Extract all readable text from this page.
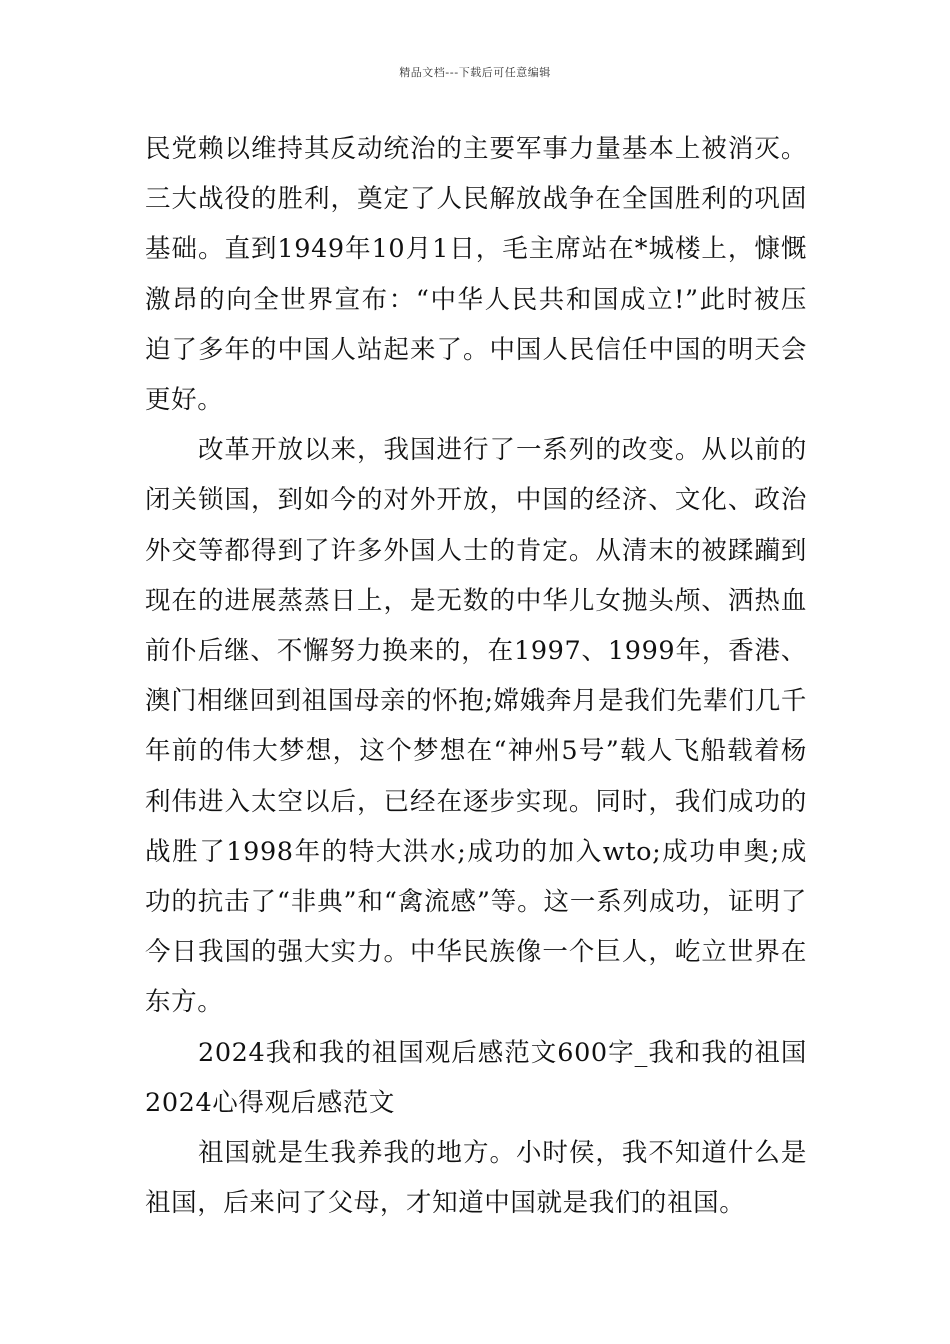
精品文档---下载后可任意编辑

民党赖以维持其反动统治的主要军事力量基本上被消灭。三大战役的胜利，奠定了人民解放战争在全国胜利的巩固基础。直到1949年10月1日，毛主席站在*城楼上，慷慨激昂的向全世界宣布：“中华人民共和国成立!”此时被压迫了多年的中国人站起来了。中国人民信任中国的明天会更好。

改革开放以来，我国进行了一系列的改变。从以前的闭关锁国，到如今的对外开放，中国的经济、文化、政治外交等都得到了许多外国人士的肯定。从清末的被蹂躏到现在的进展蒸蒸日上，是无数的中华儿女抛头颅、洒热血前仆后继、不懈努力换来的，在1997、1999年，香港、澳门相继回到祖国母亲的怀抱;嫦娥奔月是我们先辈们几千年前的伟大梦想，这个梦想在“神州5号”载人飞船载着杨利伟进入太空以后，已经在逐步实现。同时，我们成功的战胜了1998年的特大洪水;成功的加入wto;成功申奥;成功的抗击了“非典”和“禽流感”等。这一系列成功，证明了今日我国的强大实力。中华民族像一个巨人，屹立世界在东方。

2024我和我的祖国观后感范文600字_我和我的祖国2024心得观后感范文

祖国就是生我养我的地方。小时侯，我不知道什么是祖国，后来问了父母，才知道中国就是我们的祖国。
